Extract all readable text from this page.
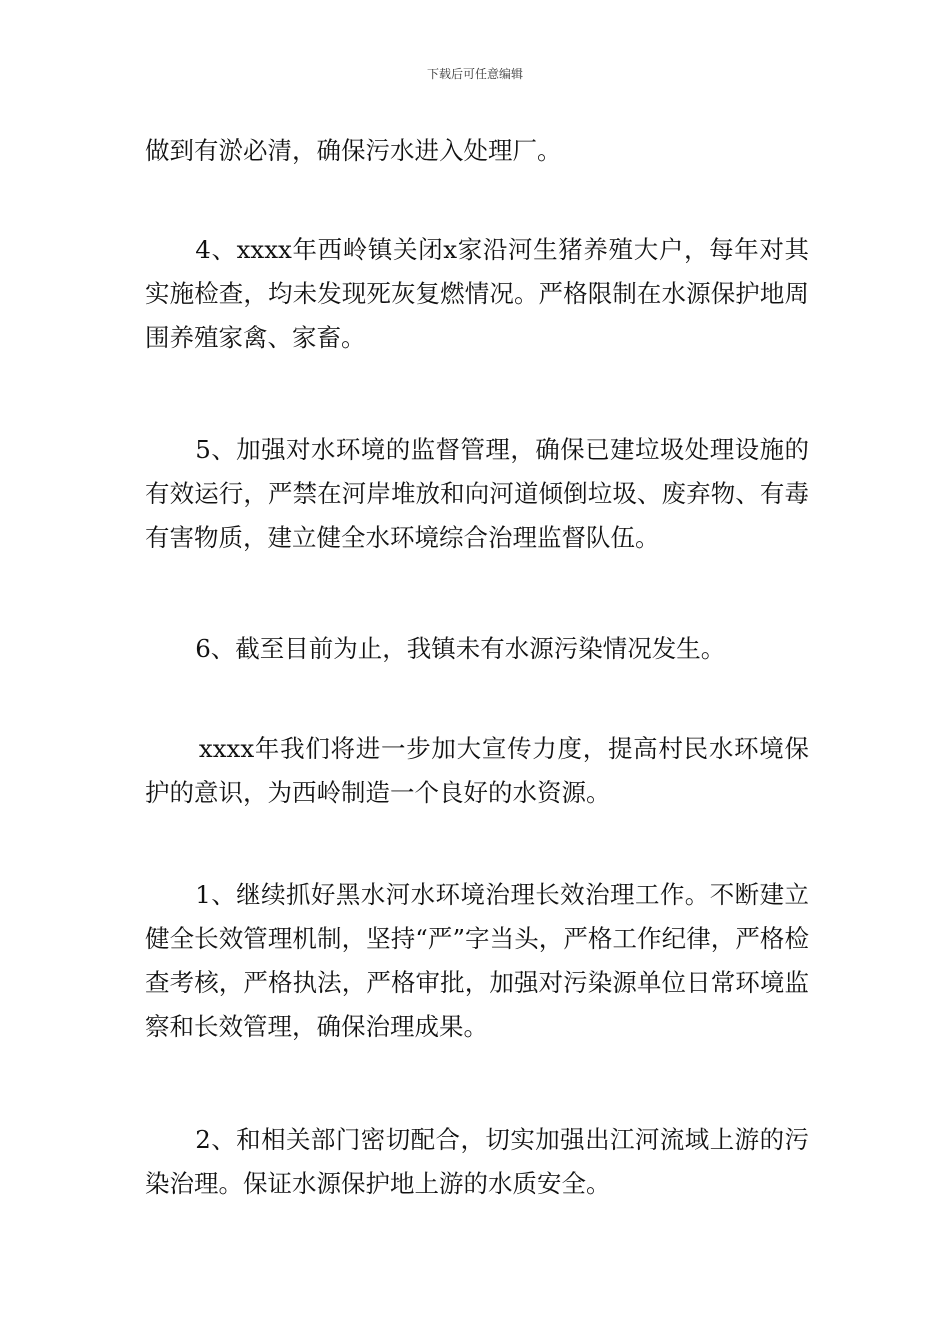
下载后可任意编辑

做到有淤必清，确保污水进入处理厂。

4、xxxx年西岭镇关闭x家沿河生猪养殖大户，每年对其实施检查，均未发现死灰复燃情况。严格限制在水源保护地周围养殖家禽、家畜。

5、加强对水环境的监督管理，确保已建垃圾处理设施的有效运行，严禁在河岸堆放和向河道倾倒垃圾、废弃物、有毒有害物质，建立健全水环境综合治理监督队伍。

6、截至目前为止，我镇未有水源污染情况发生。

xxxx年我们将进一步加大宣传力度，提高村民水环境保护的意识，为西岭制造一个良好的水资源。

1、继续抓好黑水河水环境治理长效治理工作。不断建立健全长效管理机制，坚持“严”字当头，严格工作纪律，严格检查考核，严格执法，严格审批，加强对污染源单位日常环境监察和长效管理，确保治理成果。

2、和相关部门密切配合，切实加强出江河流域上游的污染治理。保证水源保护地上游的水质安全。
